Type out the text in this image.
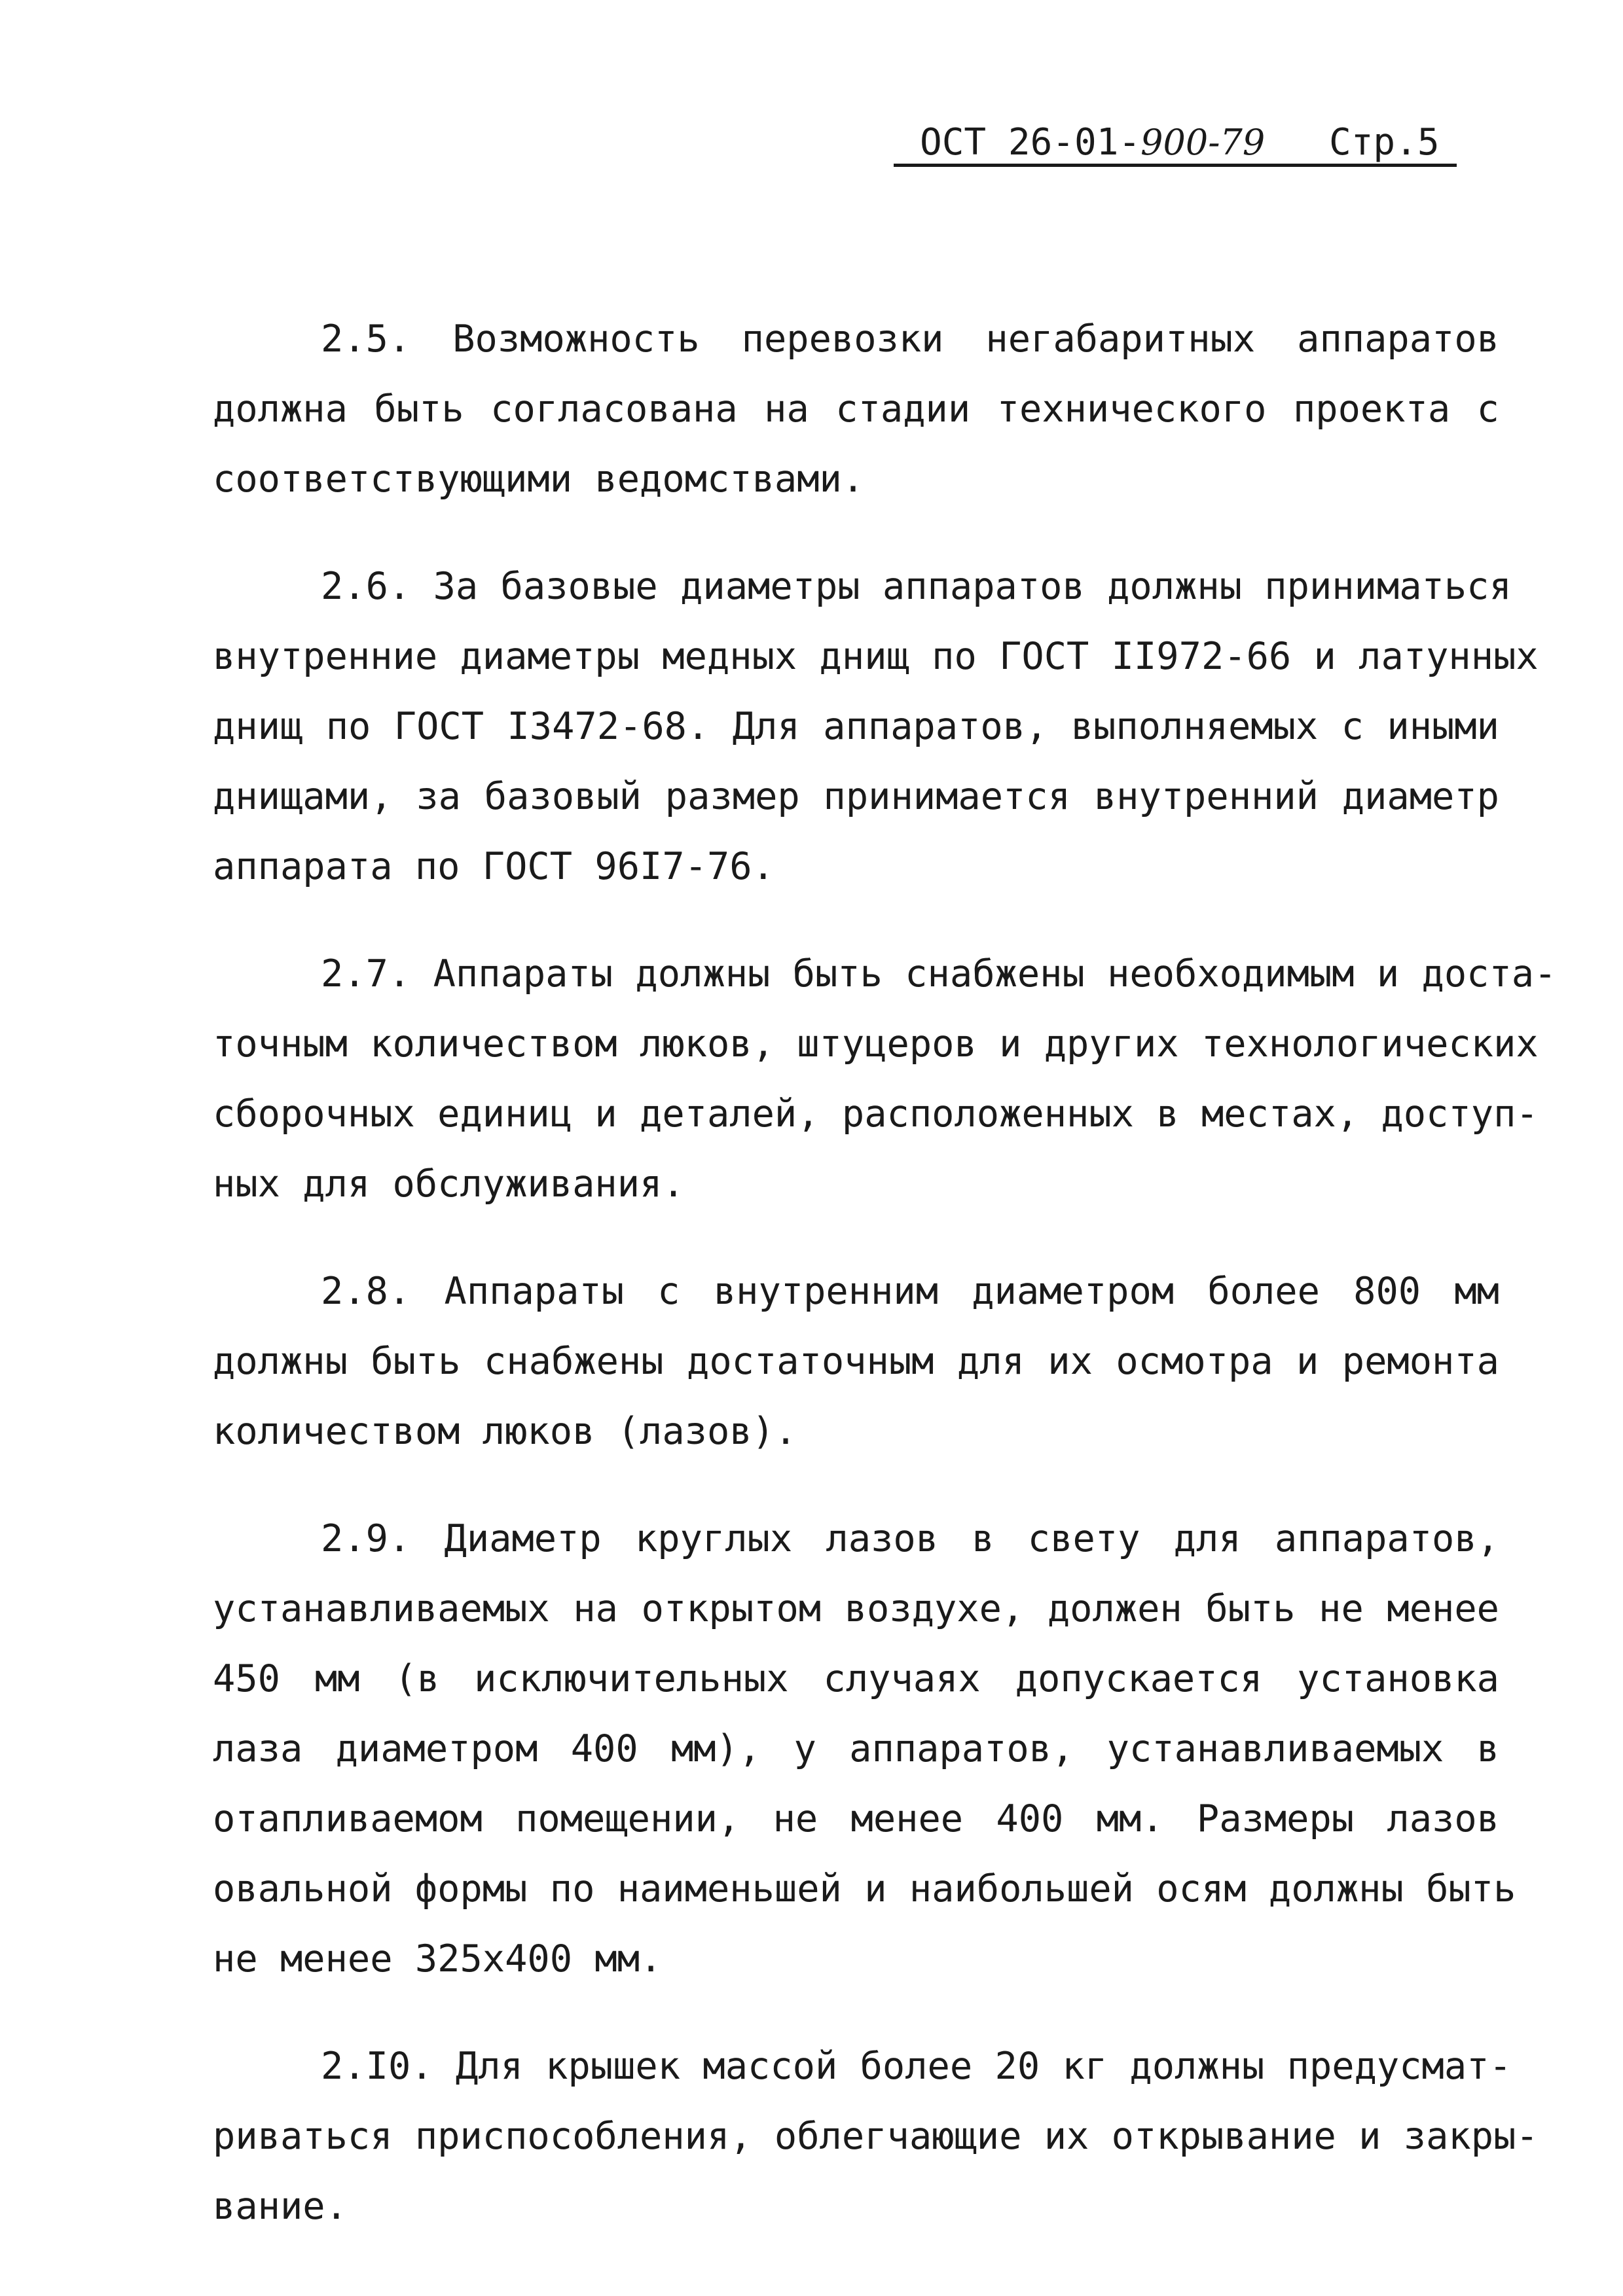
ОСТ 26-01-900-79 Стр.5

2.5. Возможность перевозки негабаритных аппаратов
должна быть согласована на стадии технического проекта с
соответствующими ведомствами.

2.6. За базовые диаметры аппаратов должны приниматься
внутренние диаметры медных днищ по ГОСТ II972-66 и латунных
днищ по ГОСТ I3472-68. Для аппаратов, выполняемых с иными
днищами, за базовый размер принимается внутренний диаметр
аппарата по ГОСТ 96I7-76.

2.7. Аппараты должны быть снабжены необходимым и доста-
точным количеством люков, штуцеров и других технологических
сборочных единиц и деталей, расположенных в местах, доступ-
ных для обслуживания.

2.8. Аппараты с внутренним диаметром более 800 мм
должны быть снабжены достаточным для их осмотра и ремонта
количеством люков (лазов).

2.9. Диаметр круглых лазов в свету для аппаратов,
устанавливаемых на открытом воздухе, должен быть не менее
450 мм (в исключительных случаях допускается установка
лаза диаметром 400 мм), у аппаратов, устанавливаемых в
отапливаемом помещении, не менее 400 мм. Размеры лазов
овальной формы по наименьшей и наибольшей осям должны быть
не менее 325х400 мм.

2.I0. Для крышек массой более 20 кг должны предусмат-
риваться приспособления, облегчающие их открывание и закры-
вание.
